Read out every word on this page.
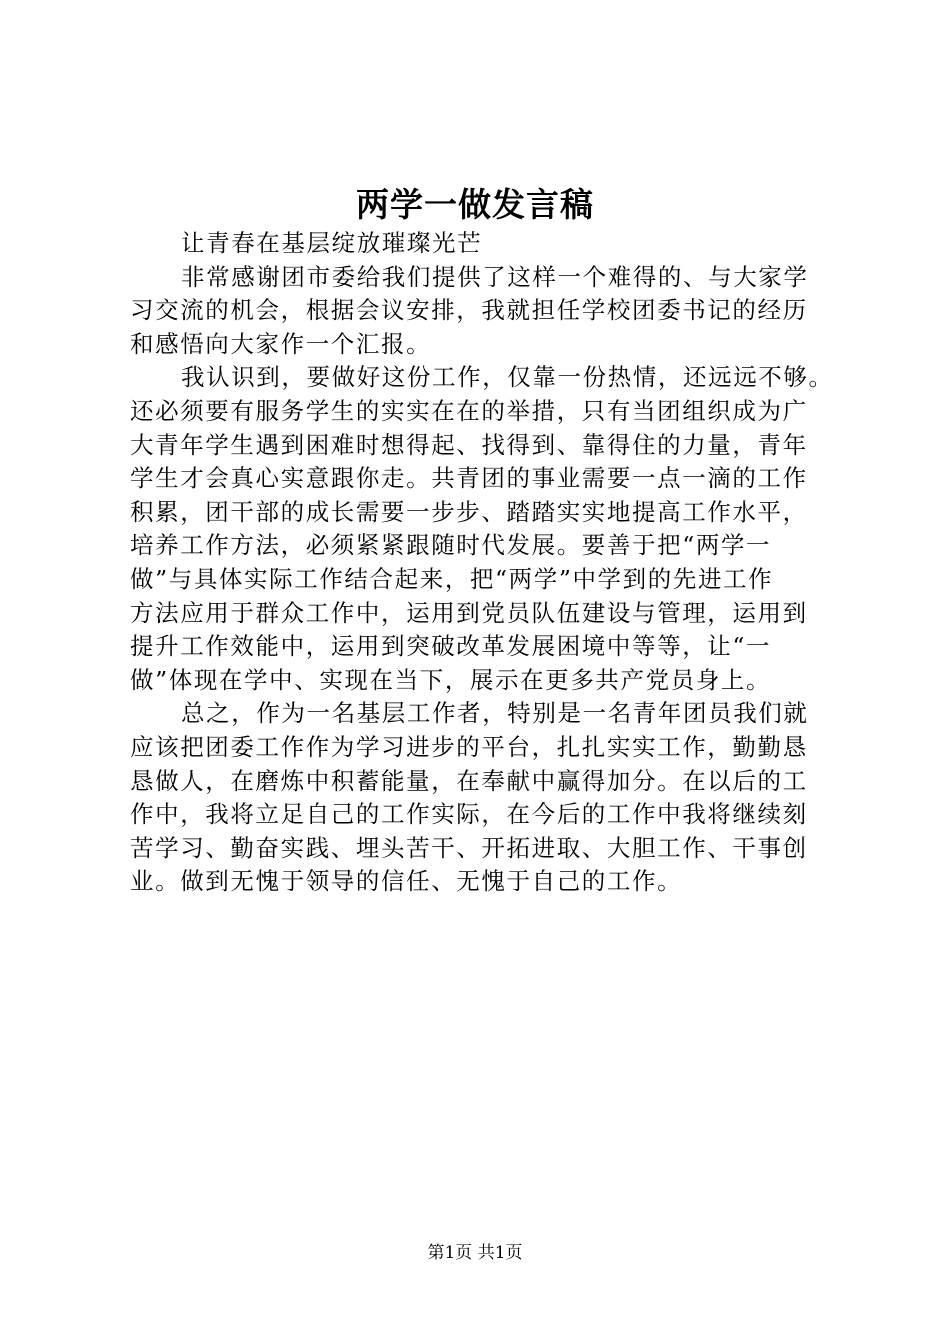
两学一做发言稿
让青春在基层绽放璀璨光芒
非常感谢团市委给我们提供了这样一个难得的、与大家学
习交流的机会，根据会议安排，我就担任学校团委书记的经历
和感悟向大家作一个汇报。
我认识到，要做好这份工作，仅靠一份热情，还远远不够。
还必须要有服务学生的实实在在的举措，只有当团组织成为广
大青年学生遇到困难时想得起、找得到、靠得住的力量，青年
学生才会真心实意跟你走。共青团的事业需要一点一滴的工作
积累，团干部的成长需要一步步、踏踏实实地提高工作水平，
培养工作方法，必须紧紧跟随时代发展。要善于把“两学一
做”与具体实际工作结合起来，把“两学”中学到的先进工作
方法应用于群众工作中，运用到党员队伍建设与管理，运用到
提升工作效能中，运用到突破改革发展困境中等等，让“一
做”体现在学中、实现在当下，展示在更多共产党员身上。
总之，作为一名基层工作者，特别是一名青年团员我们就
应该把团委工作作为学习进步的平台，扎扎实实工作，勤勤恳
恳做人，在磨炼中积蓄能量，在奉献中赢得加分。在以后的工
作中，我将立足自己的工作实际，在今后的工作中我将继续刻
苦学习、勤奋实践、埋头苦干、开拓进取、大胆工作、干事创
业。做到无愧于领导的信任、无愧于自己的工作。
第1页 共1页
